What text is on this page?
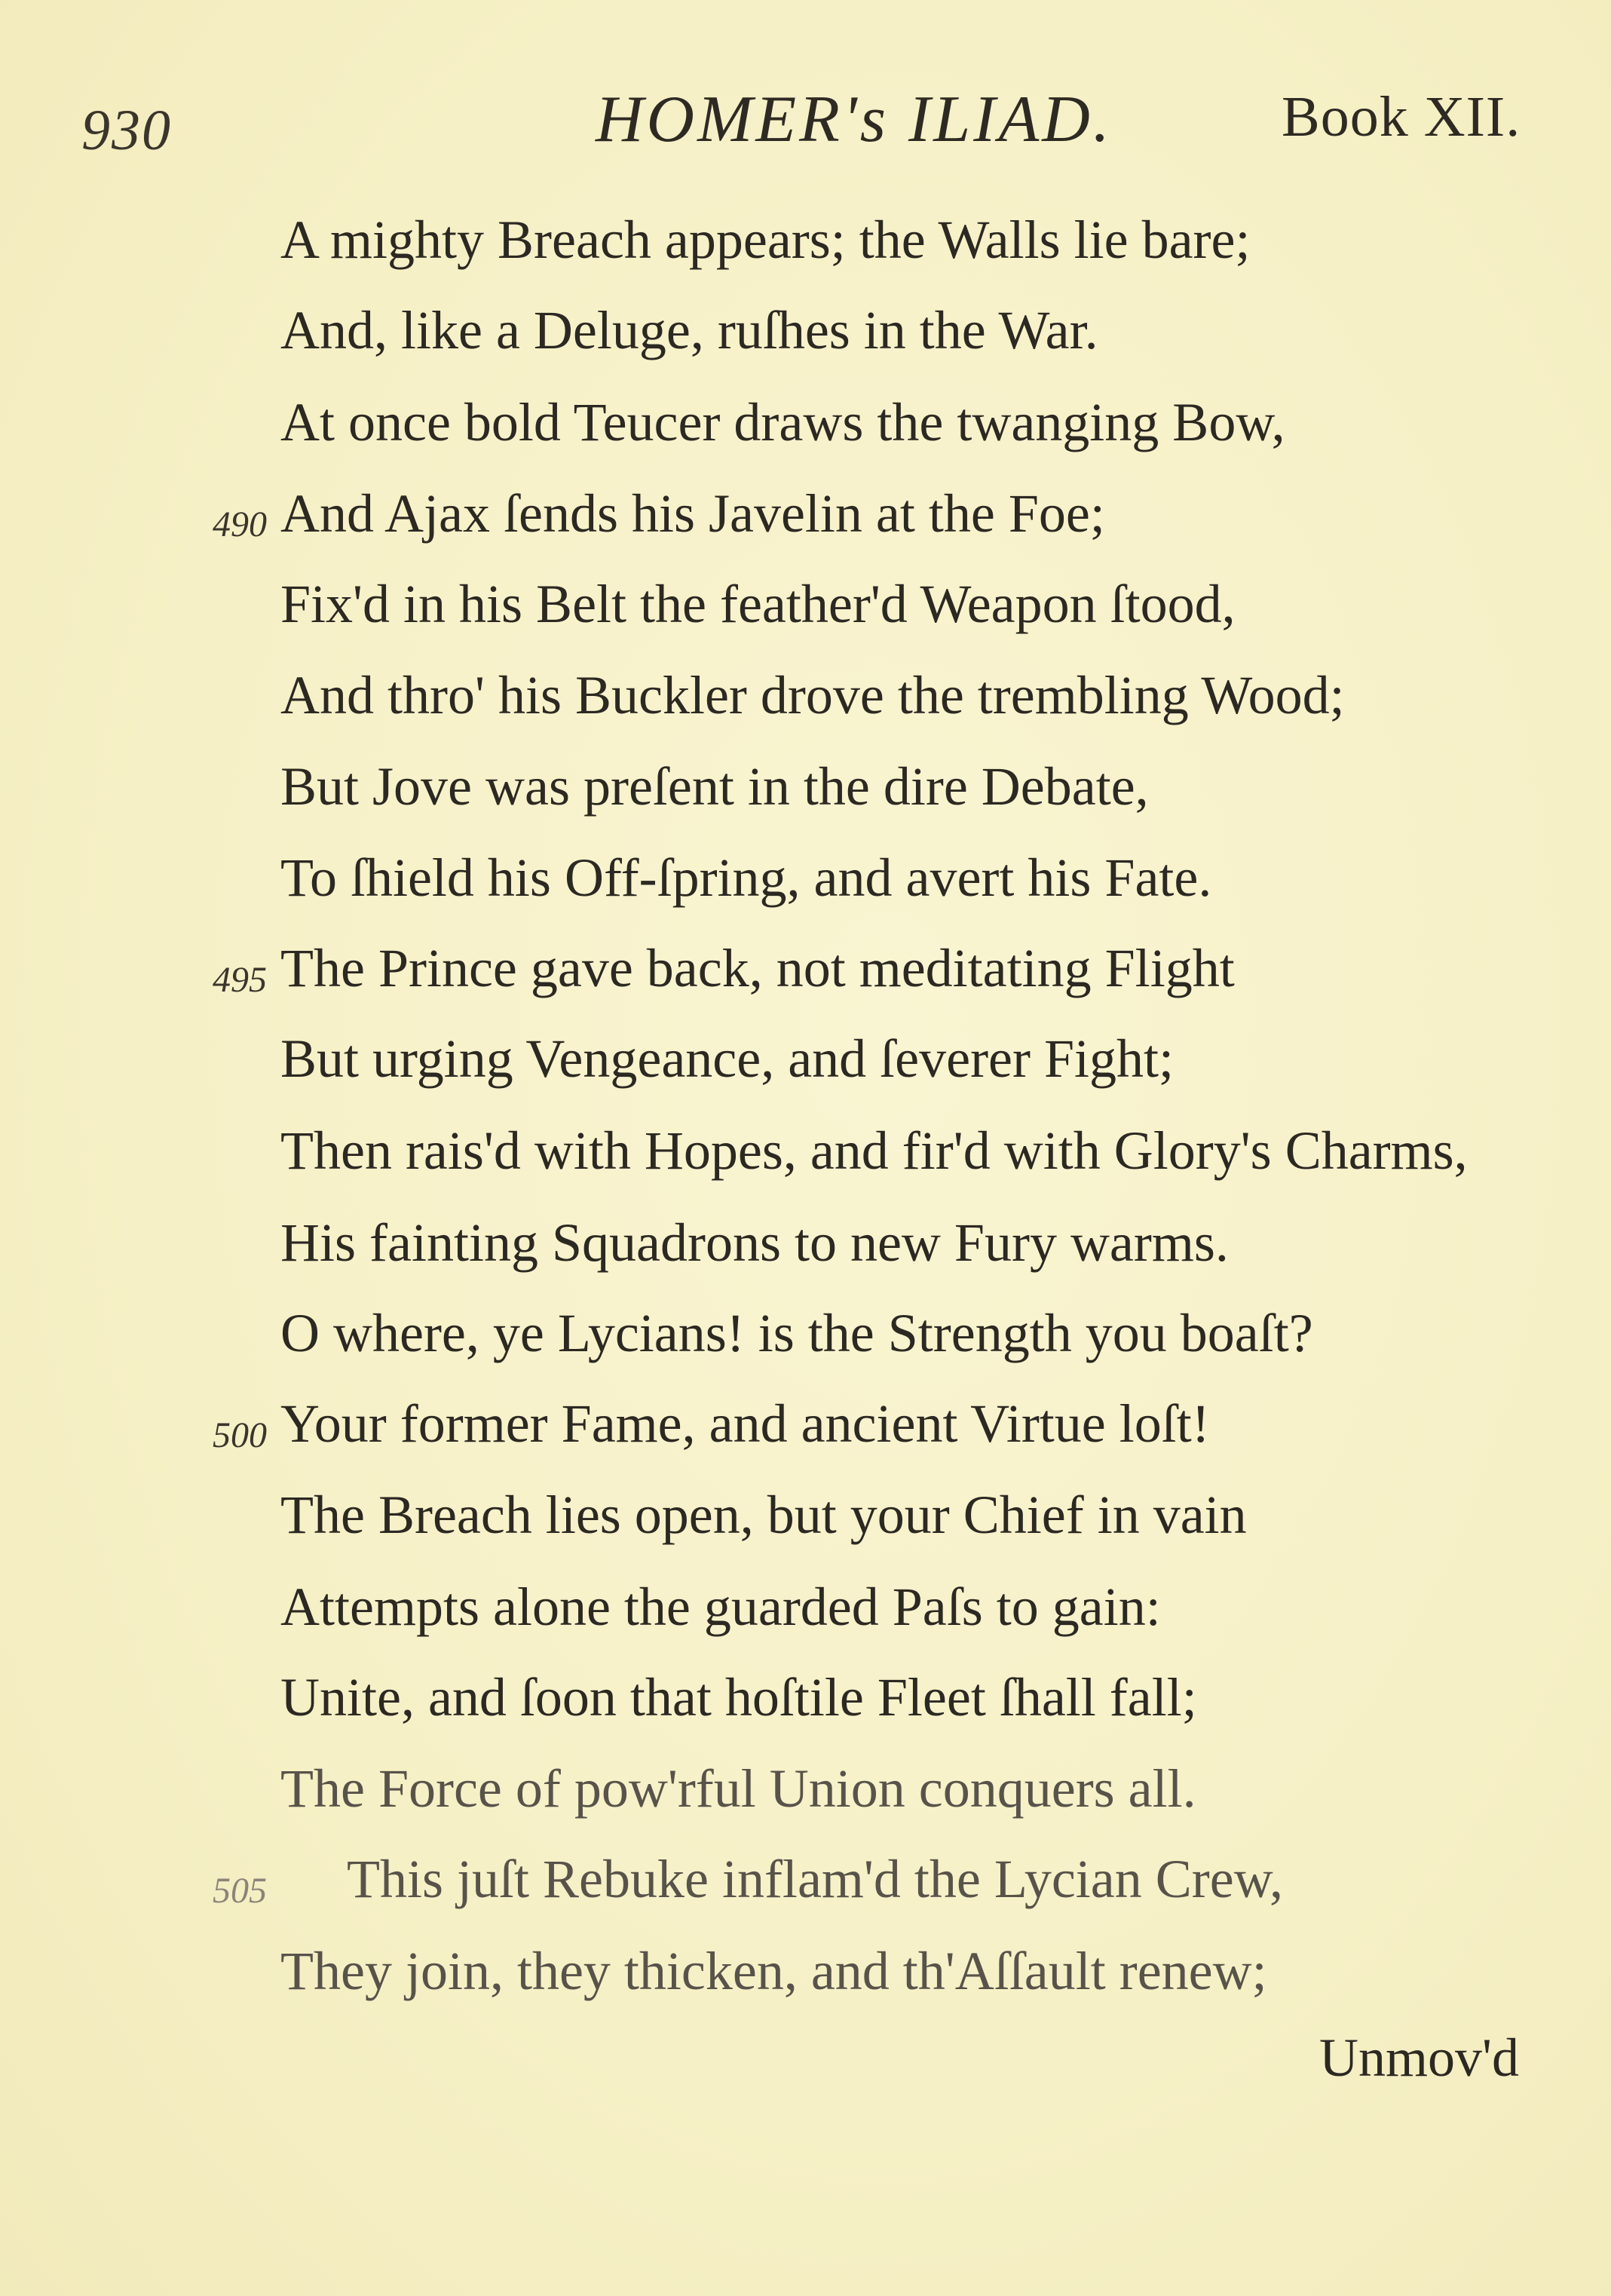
930	HOMER's ILIAD.	Book XII.
A mighty Breach appears; the Walls lie bare;
And, like a Deluge, ruſhes in the War.
At once bold Teucer draws the twanging Bow,
490 And Ajax ſends his Javelin at the Foe;
Fix'd in his Belt the feather'd Weapon ſtood,
And thro' his Buckler drove the trembling Wood;
But Jove was preſent in the dire Debate,
To ſhield his Off-ſpring, and avert his Fate.
495 The Prince gave back, not meditating Flight
But urging Vengeance, and ſeverer Fight;
Then rais'd with Hopes, and fir'd with Glory's Charms,
His fainting Squadrons to new Fury warms.
O where, ye Lycians! is the Strength you boaſt?
500 Your former Fame, and ancient Virtue loſt!
The Breach lies open, but your Chief in vain
Attempts alone the guarded Paſs to gain:
Unite, and ſoon that hoſtile Fleet ſhall fall;
The Force of pow'rful Union conquers all.
505 This juſt Rebuke inflam'd the Lycian Crew,
They join, they thicken, and th'Aſſault renew;
Unmov'd
